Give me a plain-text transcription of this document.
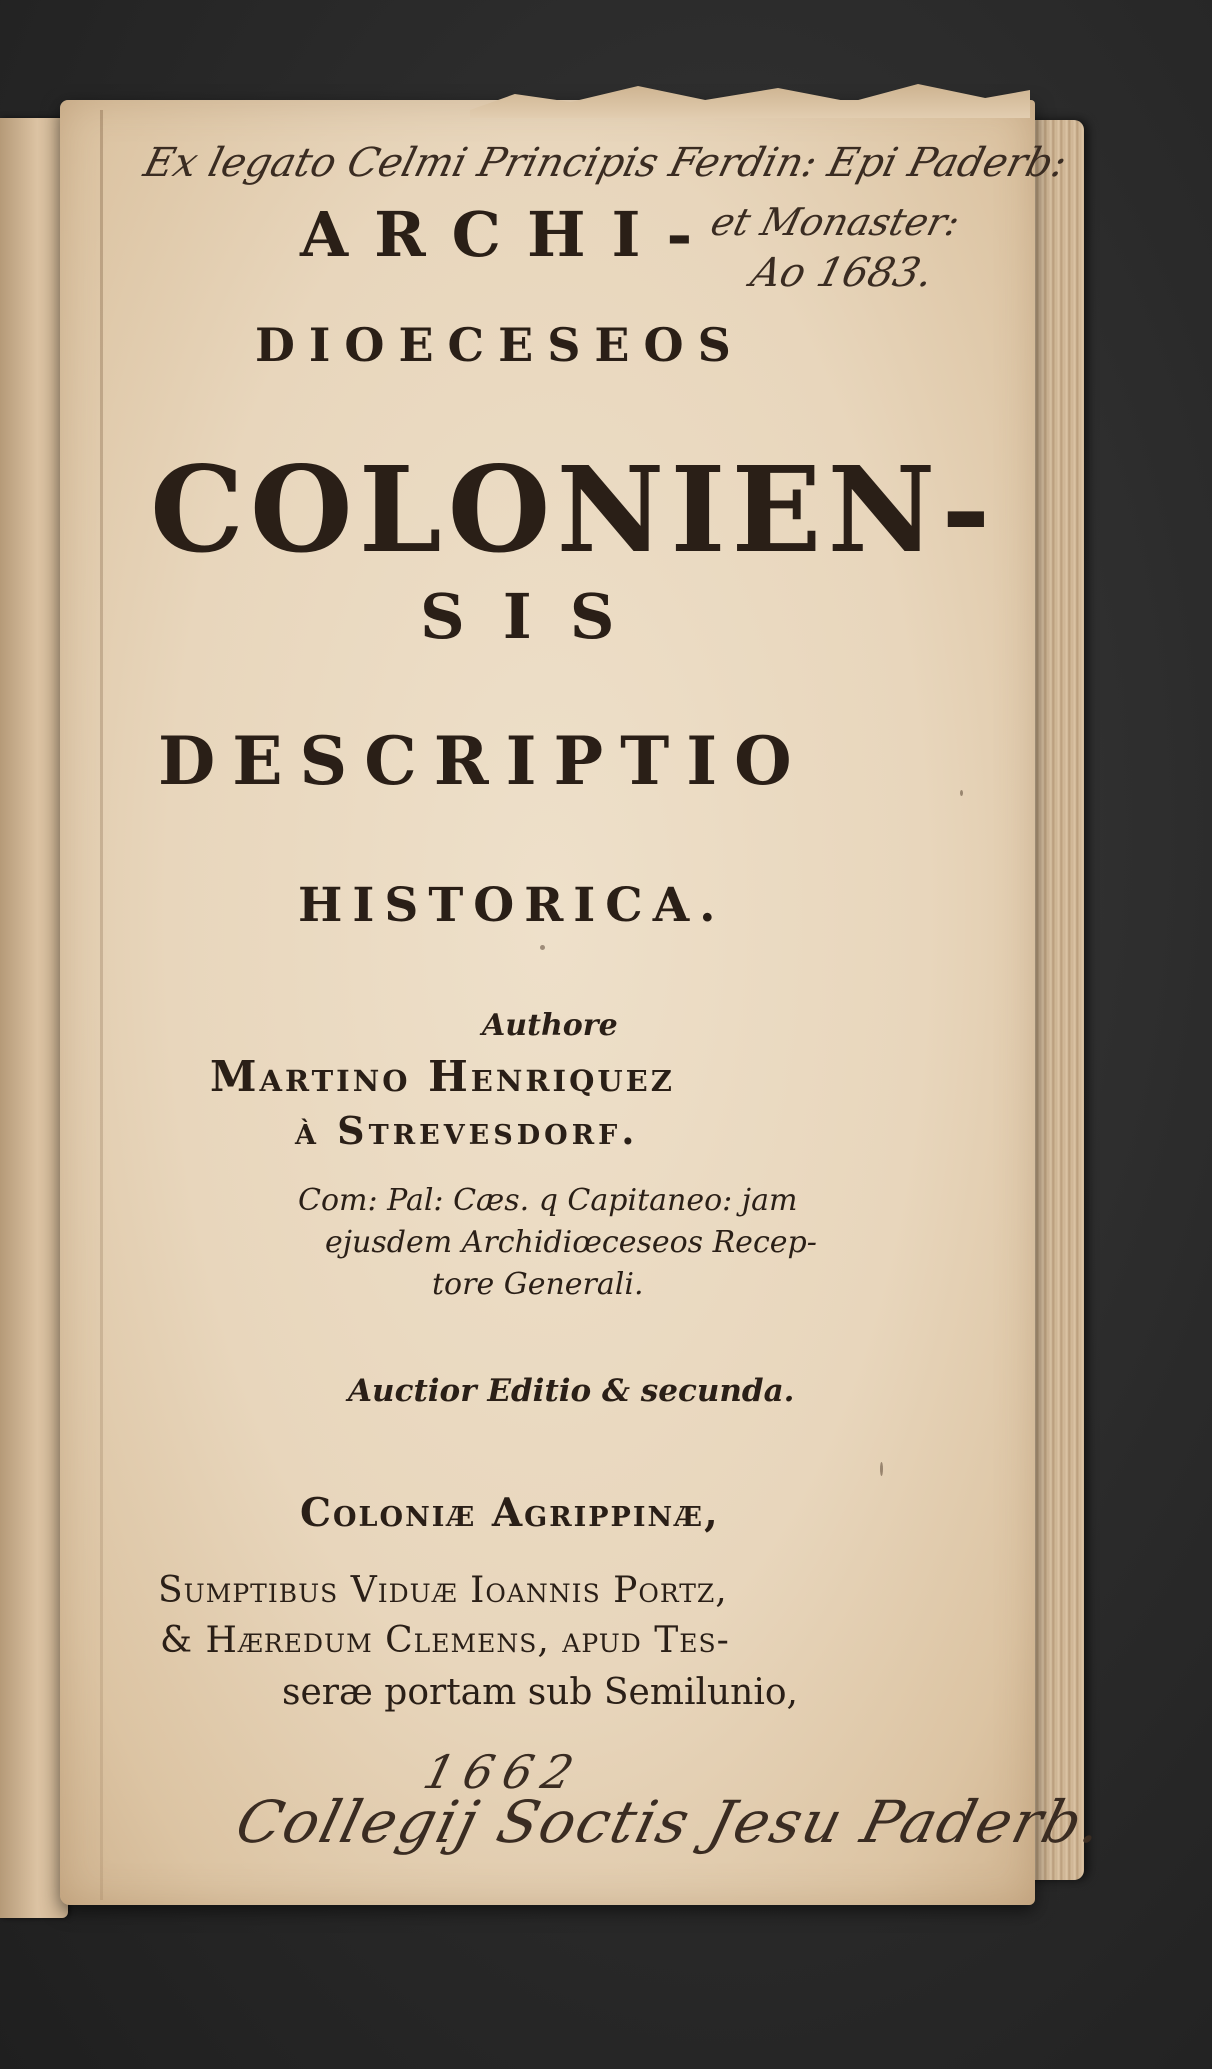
Ex legato Celmi Principis Ferdin: Epi Paderb:
et Monaster:
Ao 1683.
ARCHI-
DIOECESEOS
COLONIEN-
SIS
DESCRIPTIO
HISTORICA.
Authore
Martino Henriquez
à Strevesdorf.
Com: Pal: Cæs. q Capitaneo: jam
ejusdem Archidiœceseos Recep-
tore Generali.
Auctior Editio & secunda.
Coloniæ Agrippinæ,
Sumptibus Viduæ Ioannis Portz,
& Hæredum Clemens, apud Tes-
seræ portam sub Semilunio,
1662
Collegij Soctis Jesu Paderb.
